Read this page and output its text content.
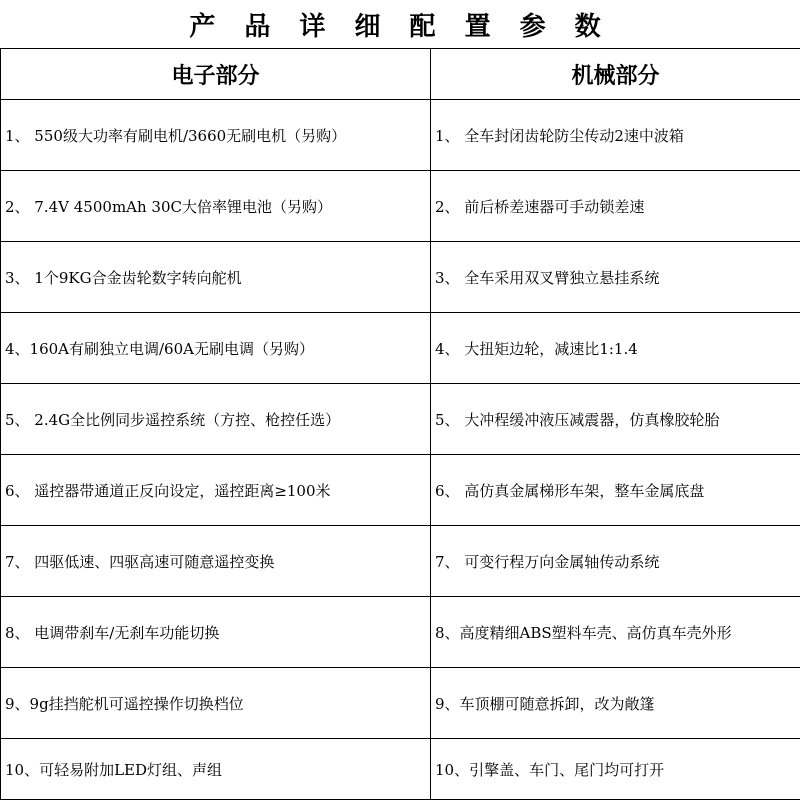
产 品 详 细 配 置 参 数
电子部分	机械部分
1、 550级大功率有刷电机/3660无刷电机（另购）	1、 全车封闭齿轮防尘传动2速中波箱
2、 7.4V 4500mAh 30C大倍率锂电池（另购）	2、 前后桥差速器可手动锁差速
3、 1个9KG合金齿轮数字转向舵机	3、 全车采用双叉臂独立悬挂系统
4、160A有刷独立电调/60A无刷电调（另购）	4、 大扭矩边轮，减速比1:1.4
5、 2.4G全比例同步遥控系统（方控、枪控任选）	5、 大冲程缓冲液压减震器，仿真橡胶轮胎
6、 遥控器带通道正反向设定，遥控距离≥100米	6、 高仿真金属梯形车架，整车金属底盘
7、 四驱低速、四驱高速可随意遥控变换	7、 可变行程万向金属轴传动系统
8、 电调带刹车/无刹车功能切换	8、高度精细ABS塑料车壳、高仿真车壳外形
9、9g挂挡舵机可遥控操作切换档位	9、车顶棚可随意拆卸，改为敞篷
10、可轻易附加LED灯组、声组	10、引擎盖、车门、尾门均可打开
